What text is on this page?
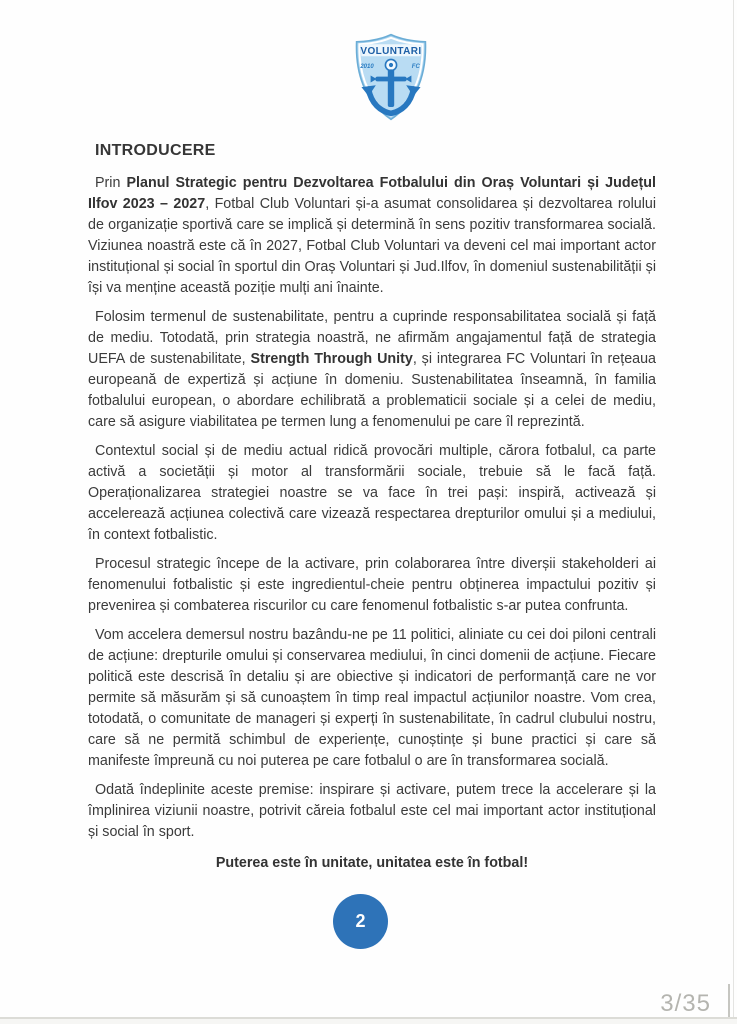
VOLUNTARI
2010	FC
INTRODUCERE

Prin Planul Strategic pentru Dezvoltarea Fotbalului din Oraș Voluntari și Județul Ilfov 2023 – 2027, Fotbal Club Voluntari și-a asumat consolidarea și dezvoltarea rolului de organizație sportivă care se implică și determină în sens pozitiv transformarea socială. Viziunea noastră este că în 2027, Fotbal Club Voluntari va deveni cel mai important actor instituțional și social în sportul din Oraș Voluntari și Jud.Ilfov, în domeniul sustenabilității și își va menține această poziție mulți ani înainte.

Folosim termenul de sustenabilitate, pentru a cuprinde responsabilitatea socială și față de mediu. Totodată, prin strategia noastră, ne afirmăm angajamentul față de strategia UEFA de sustenabilitate, Strength Through Unity, și integrarea FC Voluntari în rețeaua europeană de expertiză și acțiune în domeniu. Sustenabilitatea înseamnă, în familia fotbalului european, o abordare echilibrată a problematicii sociale și a celei de mediu, care să asigure viabilitatea pe termen lung a fenomenului pe care îl reprezintă.

Contextul social și de mediu actual ridică provocări multiple, cărora fotbalul, ca parte activă a societății și motor al transformării sociale, trebuie să le facă față. Operaționalizarea strategiei noastre se va face în trei pași: inspiră, activează și accelerează acțiunea colectivă care vizează respectarea drepturilor omului și a mediului, în context fotbalistic.

Procesul strategic începe de la activare, prin colaborarea între diverșii stakeholderi ai fenomenului fotbalistic și este ingredientul-cheie pentru obținerea impactului pozitiv și prevenirea și combaterea riscurilor cu care fenomenul fotbalistic s-ar putea confrunta.

Vom accelera demersul nostru bazându-ne pe 11 politici, aliniate cu cei doi piloni centrali de acțiune: drepturile omului și conservarea mediului, în cinci domenii de acțiune. Fiecare politică este descrisă în detaliu și are obiective și indicatori de performanță care ne vor permite să măsurăm și să cunoaștem în timp real impactul acțiunilor noastre. Vom crea, totodată, o comunitate de manageri și experți în sustenabilitate, în cadrul clubului nostru, care să ne permită schimbul de experiențe, cunoștințe și bune practici și care să manifeste împreună cu noi puterea pe care fotbalul o are în transformarea socială.

Odată îndeplinite aceste premise: inspirare și activare, putem trece la accelerare și la împlinirea viziunii noastre, potrivit căreia fotbalul este cel mai important actor instituțional și social în sport.

Puterea este în unitate, unitatea este în fotbal!
2
3/35
